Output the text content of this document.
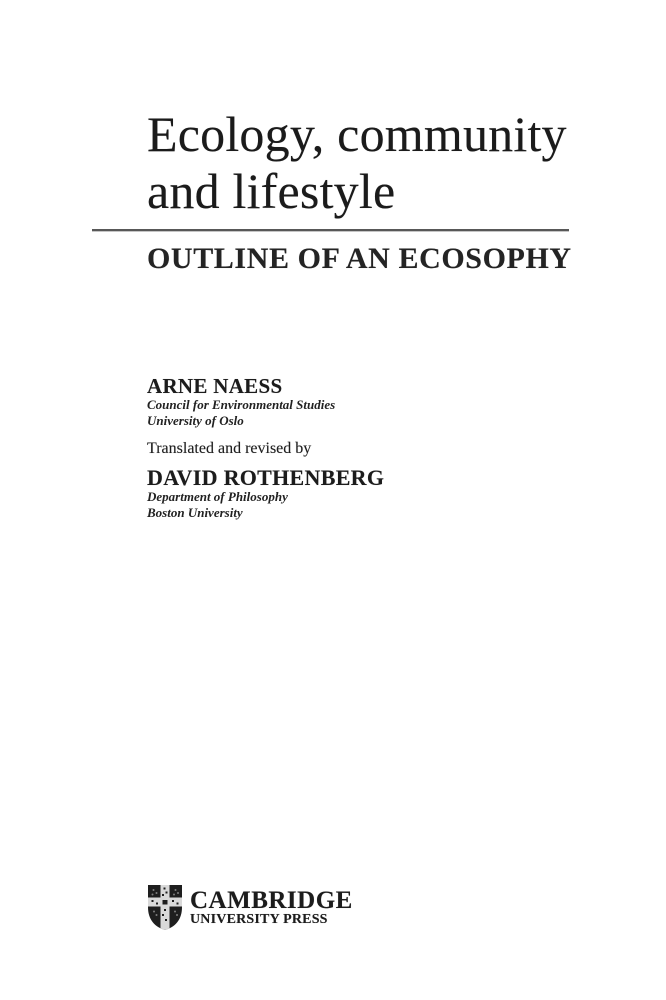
Ecology, community
and lifestyle
OUTLINE OF AN ECOSOPHY
ARNE NAESS
Council for Environmental Studies
University of Oslo
Translated and revised by
DAVID ROTHENBERG
Department of Philosophy
Boston University
CAMBRIDGE
UNIVERSITY PRESS
